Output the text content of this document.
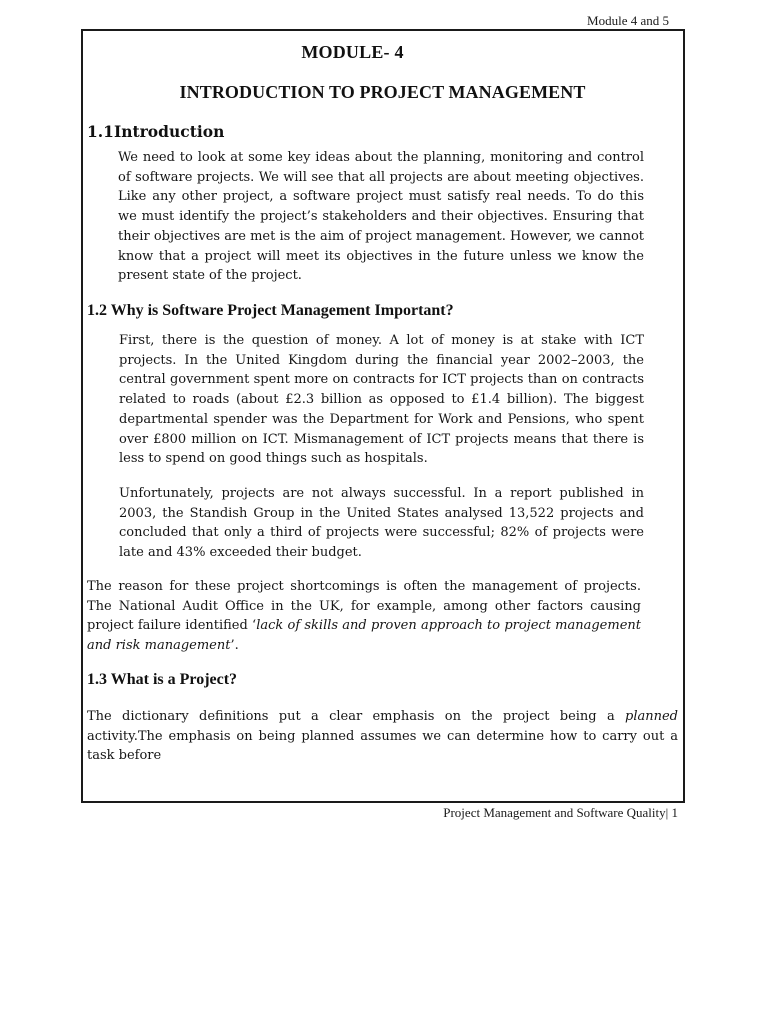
Module 4 and 5
MODULE- 4
INTRODUCTION TO PROJECT MANAGEMENT
1.1Introduction
We need to look at some key ideas about the planning, monitoring and control of software projects. We will see that all projects are about meeting objectives. Like any other project, a software project must satisfy real needs. To do this we must identify the project’s stakeholders and their objectives. Ensuring that their objectives are met is the aim of project management. However, we cannot know that a project will meet its objectives in the future unless we know the present state of the project.
1.2 Why is Software Project Management Important?
First, there is the question of money. A lot of money is at stake with ICT projects. In the United Kingdom during the financial year 2002–2003, the central government spent more on contracts for ICT projects than on contracts related to roads (about £2.3 billion as opposed to £1.4 billion). The biggest departmental spender was the Department for Work and Pensions, who spent over £800 million on ICT. Mismanagement of ICT projects means that there is less to spend on good things such as hospitals.
Unfortunately, projects are not always successful. In a report published in 2003, the Standish Group in the United States analysed 13,522 projects and concluded that only a third of projects were successful; 82% of projects were late and 43% exceeded their budget.
The reason for these project shortcomings is often the management of projects. The National Audit Office in the UK, for example, among other factors causing project failure identified ‘lack of skills and proven approach to project management and risk management’.
1.3 What is a Project?
The dictionary definitions put a clear emphasis on the project being a planned activity.The emphasis on being planned assumes we can determine how to carry out a task before
Project Management and Software Quality| 1
